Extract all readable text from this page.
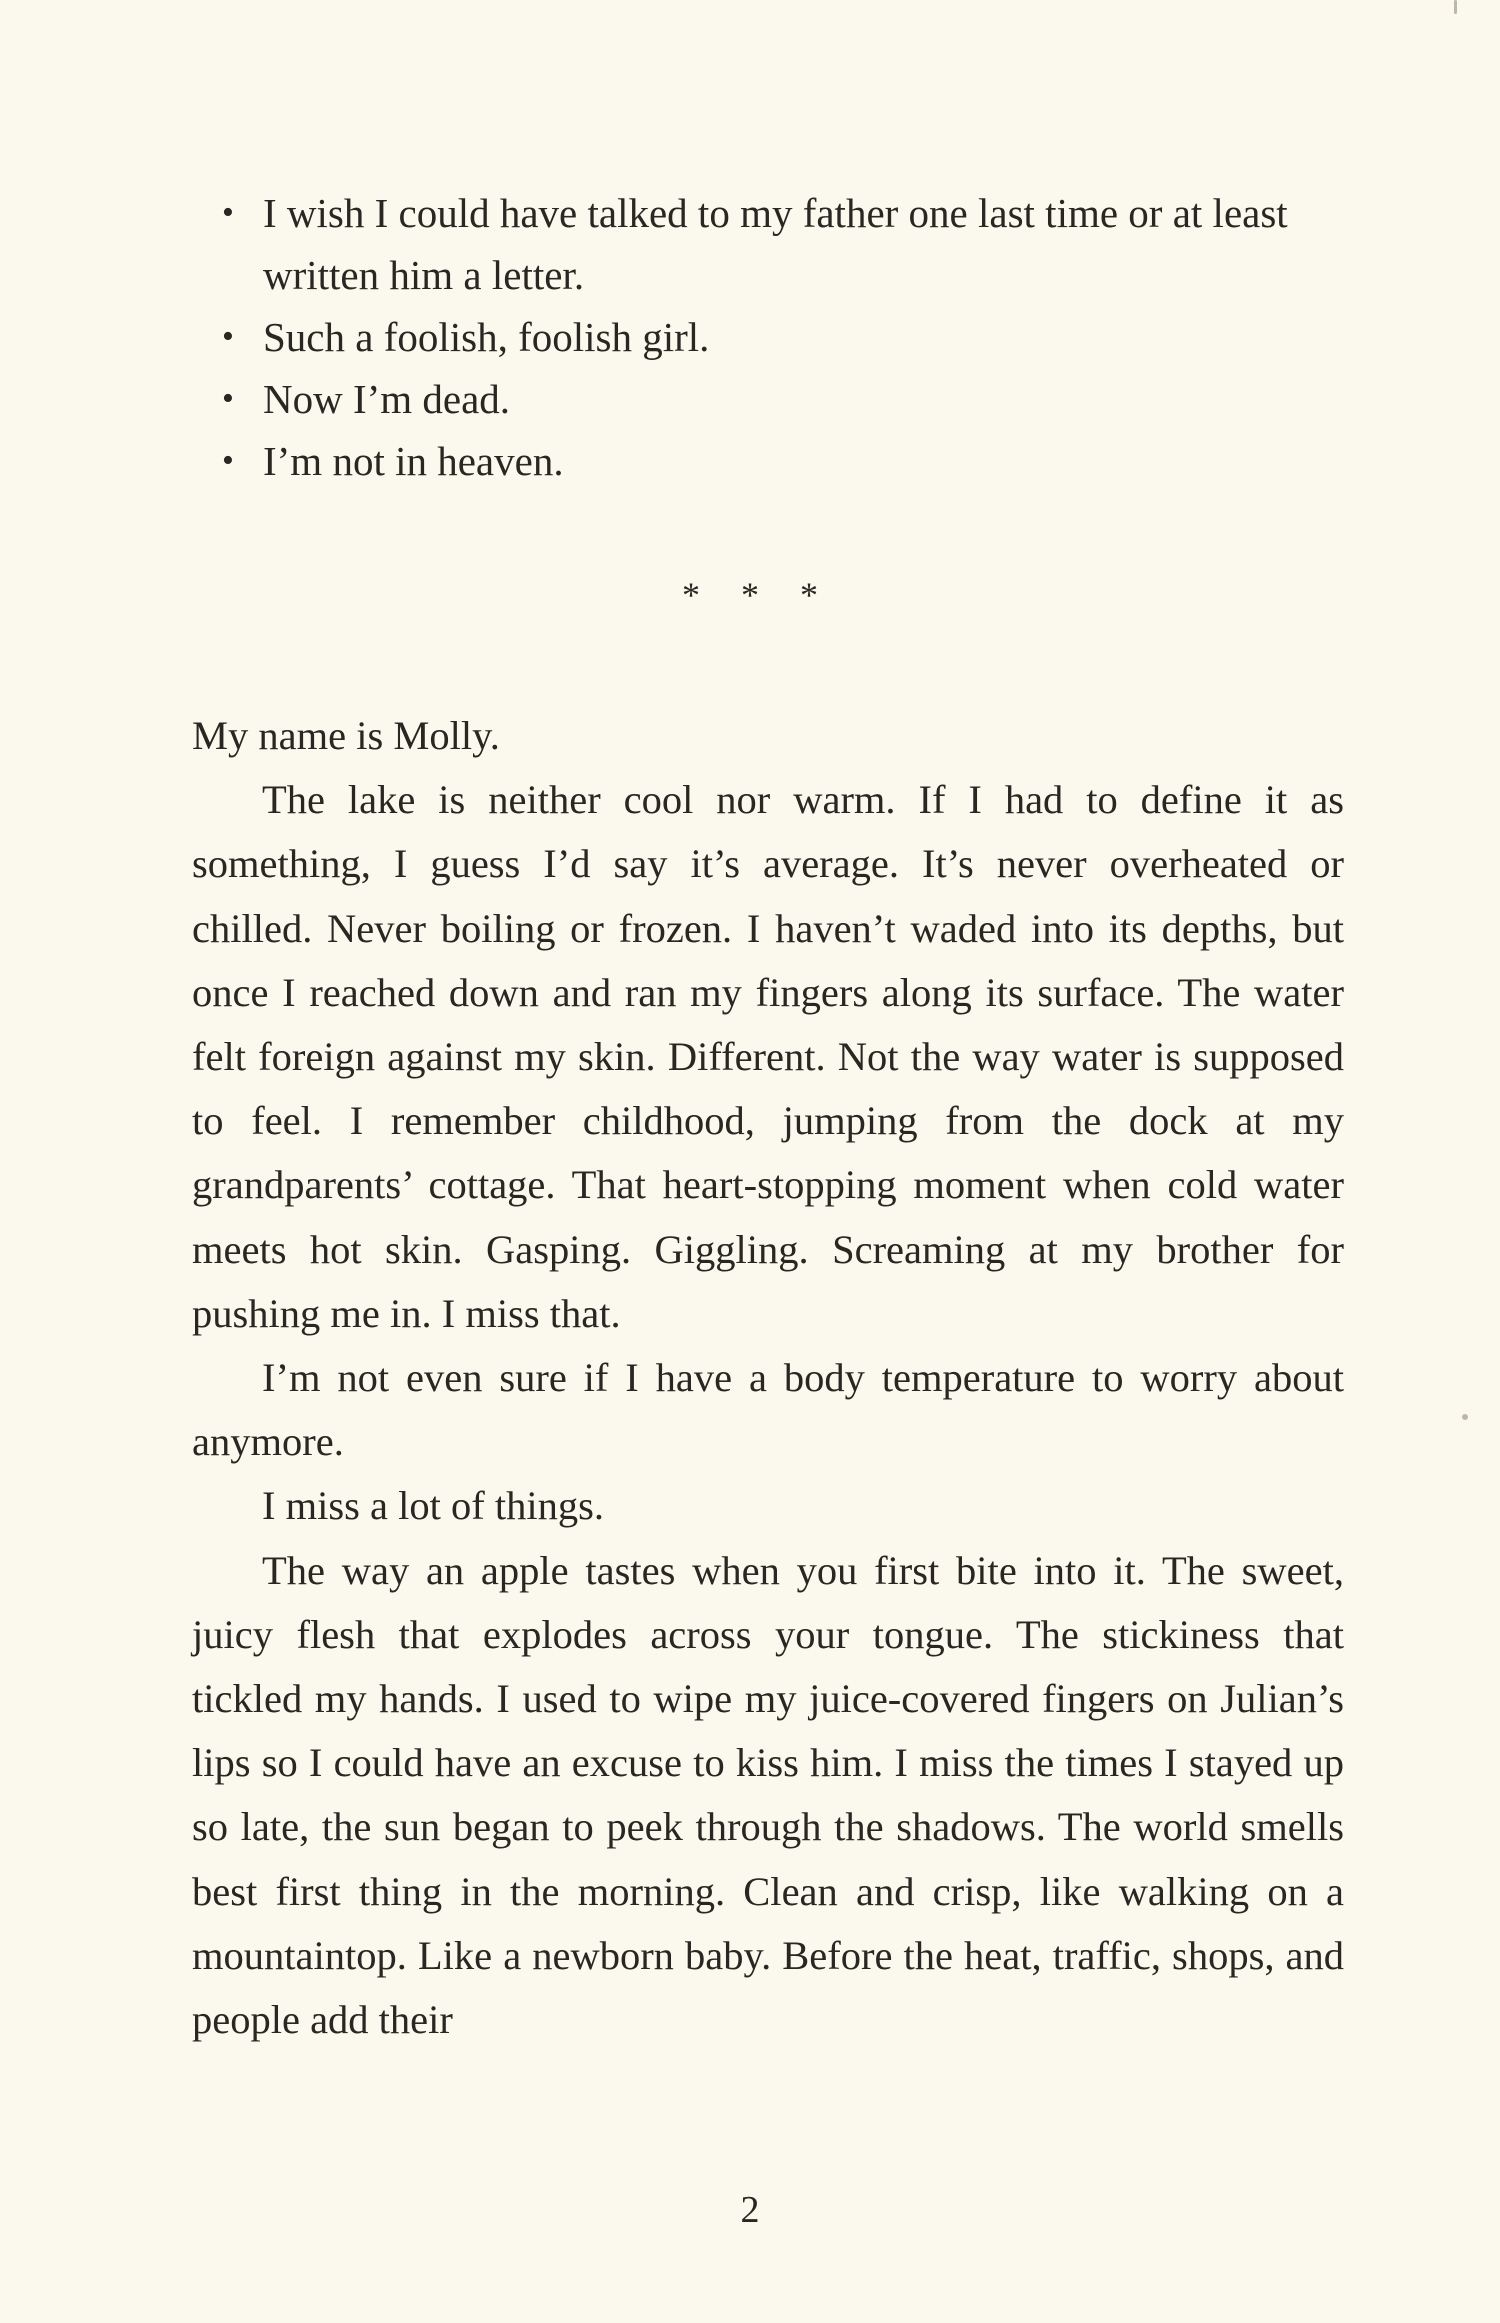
• I wish I could have talked to my father one last time or at least written him a letter.
• Such a foolish, foolish girl.
• Now I’m dead.
• I’m not in heaven.
* * *

My name is Molly.

The lake is neither cool nor warm. If I had to define it as something, I guess I’d say it’s average. It’s never overheated or chilled. Never boiling or frozen. I haven’t waded into its depths, but once I reached down and ran my fingers along its surface. The water felt foreign against my skin. Different. Not the way water is supposed to feel. I remember childhood, jumping from the dock at my grandparents’ cottage. That heart-stopping moment when cold water meets hot skin. Gasping. Giggling. Screaming at my brother for pushing me in. I miss that.

I’m not even sure if I have a body temperature to worry about anymore.

I miss a lot of things.

The way an apple tastes when you first bite into it. The sweet, juicy flesh that explodes across your tongue. The stickiness that tickled my hands. I used to wipe my juice-covered fingers on Julian’s lips so I could have an excuse to kiss him. I miss the times I stayed up so late, the sun began to peek through the shadows. The world smells best first thing in the morning. Clean and crisp, like walking on a mountaintop. Like a newborn baby. Before the heat, traffic, shops, and people add their

2
